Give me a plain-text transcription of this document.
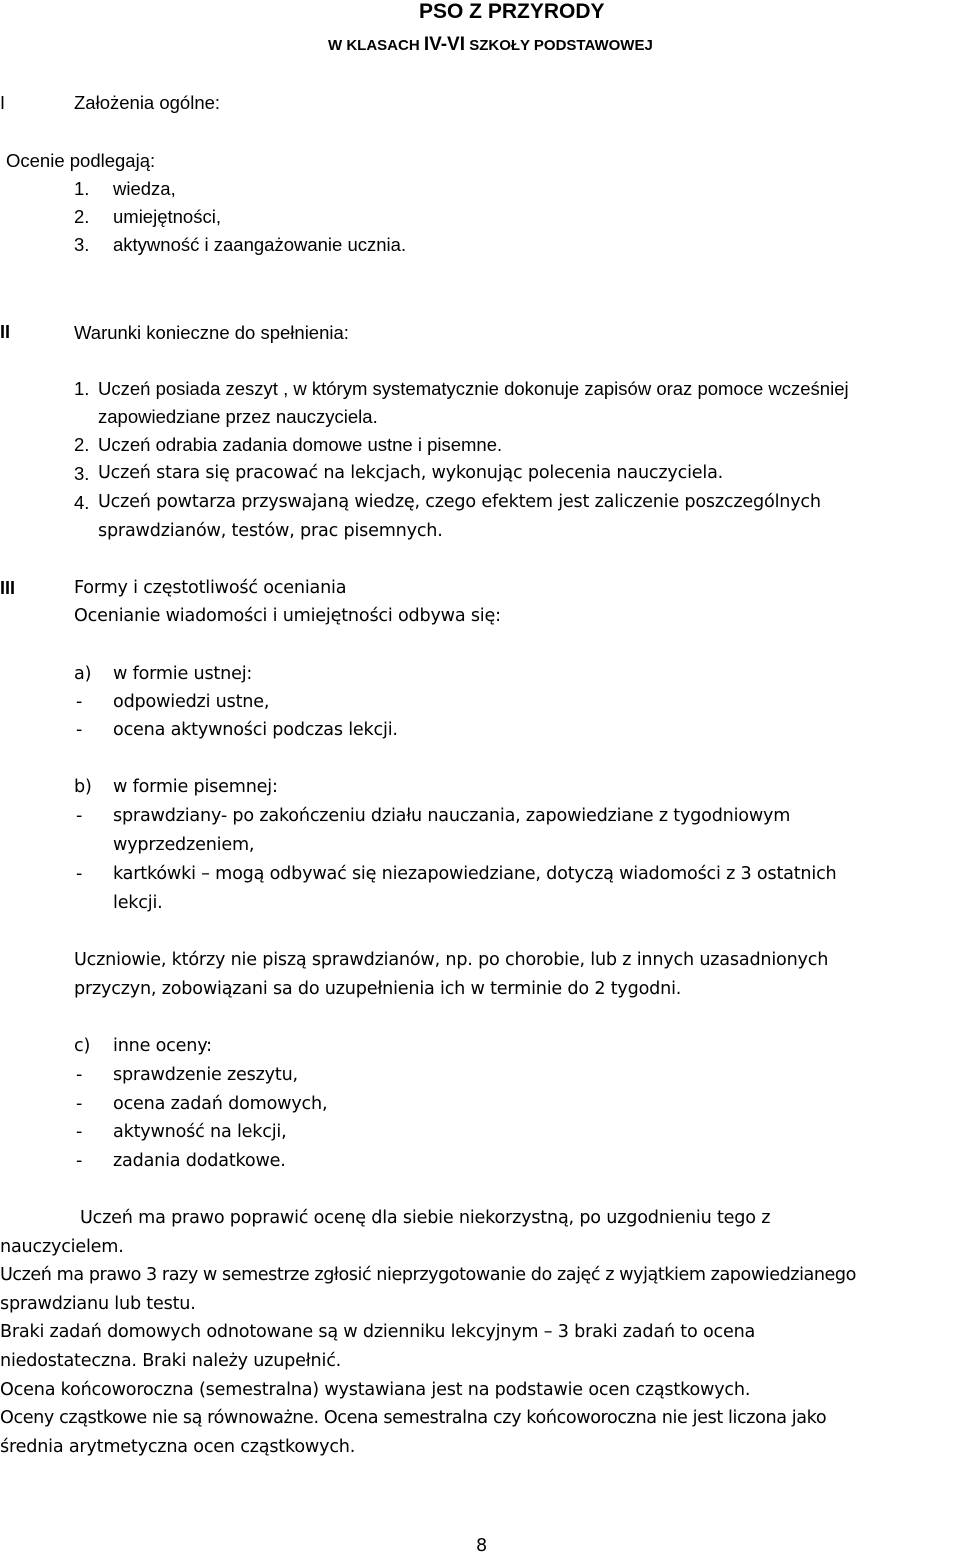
PSO Z PRZYRODY
W KLASACH IV-VI SZKOŁY PODSTAWOWEJ
I	Założenia ogólne:
Ocenie podlegają:
1. wiedza,
2. umiejętności,
3. aktywność i zaangażowanie ucznia.
II	Warunki konieczne do spełnienia:
1. Uczeń posiada zeszyt , w którym systematycznie dokonuje zapisów oraz pomoce wcześniej
zapowiedziane przez nauczyciela.
2. Uczeń odrabia zadania domowe ustne i pisemne.
3. Uczeń stara się pracować na lekcjach, wykonując polecenia nauczyciela.
4. Uczeń powtarza przyswajaną wiedzę, czego efektem jest zaliczenie poszczególnych
sprawdzianów, testów, prac pisemnych.
III	Formy i częstotliwość oceniania
Ocenianie wiadomości i umiejętności odbywa się:
a) w formie ustnej:
- odpowiedzi ustne,
- ocena aktywności podczas lekcji.
b) w formie pisemnej:
- sprawdziany- po zakończeniu działu nauczania, zapowiedziane z tygodniowym
wyprzedzeniem,
- kartkówki – mogą odbywać się niezapowiedziane, dotyczą wiadomości z 3 ostatnich
lekcji.
Uczniowie, którzy nie piszą sprawdzianów, np. po chorobie, lub z innych uzasadnionych
przyczyn, zobowiązani sa do uzupełnienia ich w terminie do 2 tygodni.
c) inne oceny:
- sprawdzenie zeszytu,
- ocena zadań domowych,
- aktywność na lekcji,
- zadania dodatkowe.
Uczeń ma prawo poprawić ocenę dla siebie niekorzystną, po uzgodnieniu tego z
nauczycielem.
Uczeń ma prawo 3 razy w semestrze zgłosić nieprzygotowanie do zajęć z wyjątkiem zapowiedzianego
sprawdzianu lub testu.
Braki zadań domowych odnotowane są w dzienniku lekcyjnym – 3 braki zadań to ocena
niedostateczna. Braki należy uzupełnić.
Ocena końcoworoczna (semestralna) wystawiana jest na podstawie ocen cząstkowych.
Oceny cząstkowe nie są równoważne. Ocena semestralna czy końcoworoczna nie jest liczona jako
średnia arytmetyczna ocen cząstkowych.
8
